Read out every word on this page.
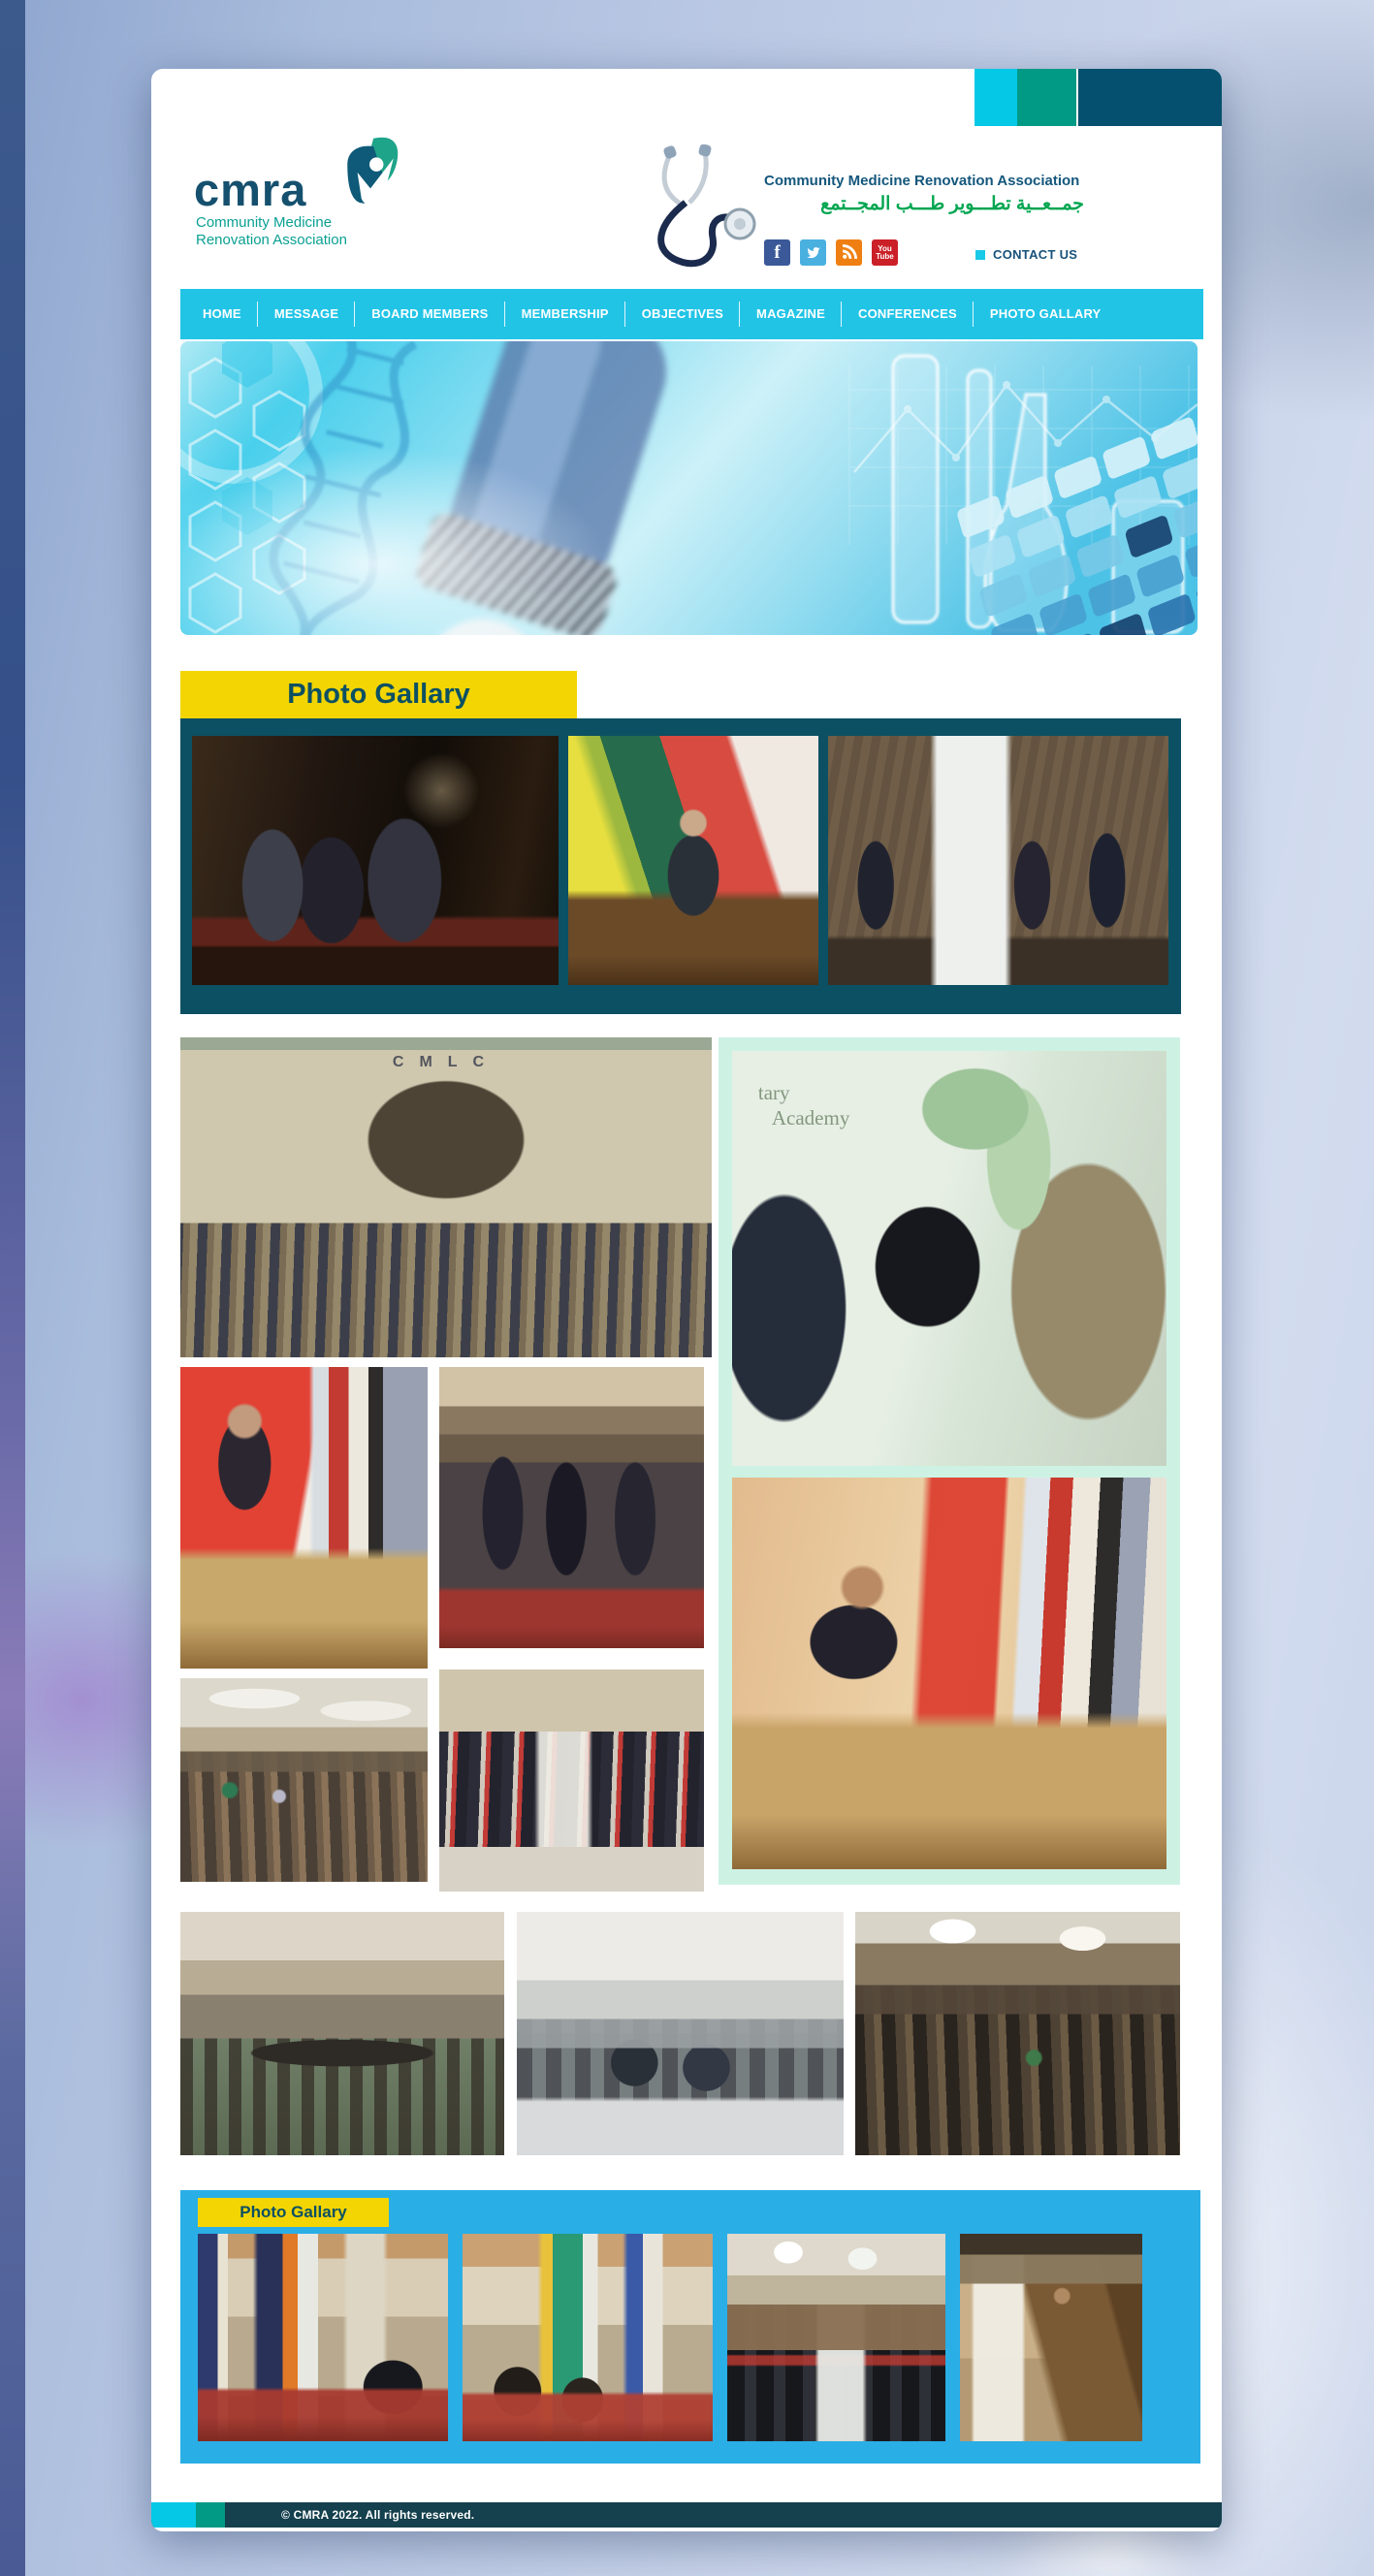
cmra
Community Medicine
Renovation Association
Community Medicine Renovation Association
جمــعــية تطـــوير طـــب المجــتمع
f	You
Tube	CONTACT US
HOME	MESSAGE	BOARD MEMBERS	MEMBERSHIP	OBJECTIVES	MAGAZINE	CONFERENCES	PHOTO GALLARY
Photo Gallary
CMLC
tary
Academy
Photo Gallary
© CMRA 2022. All rights reserved.
